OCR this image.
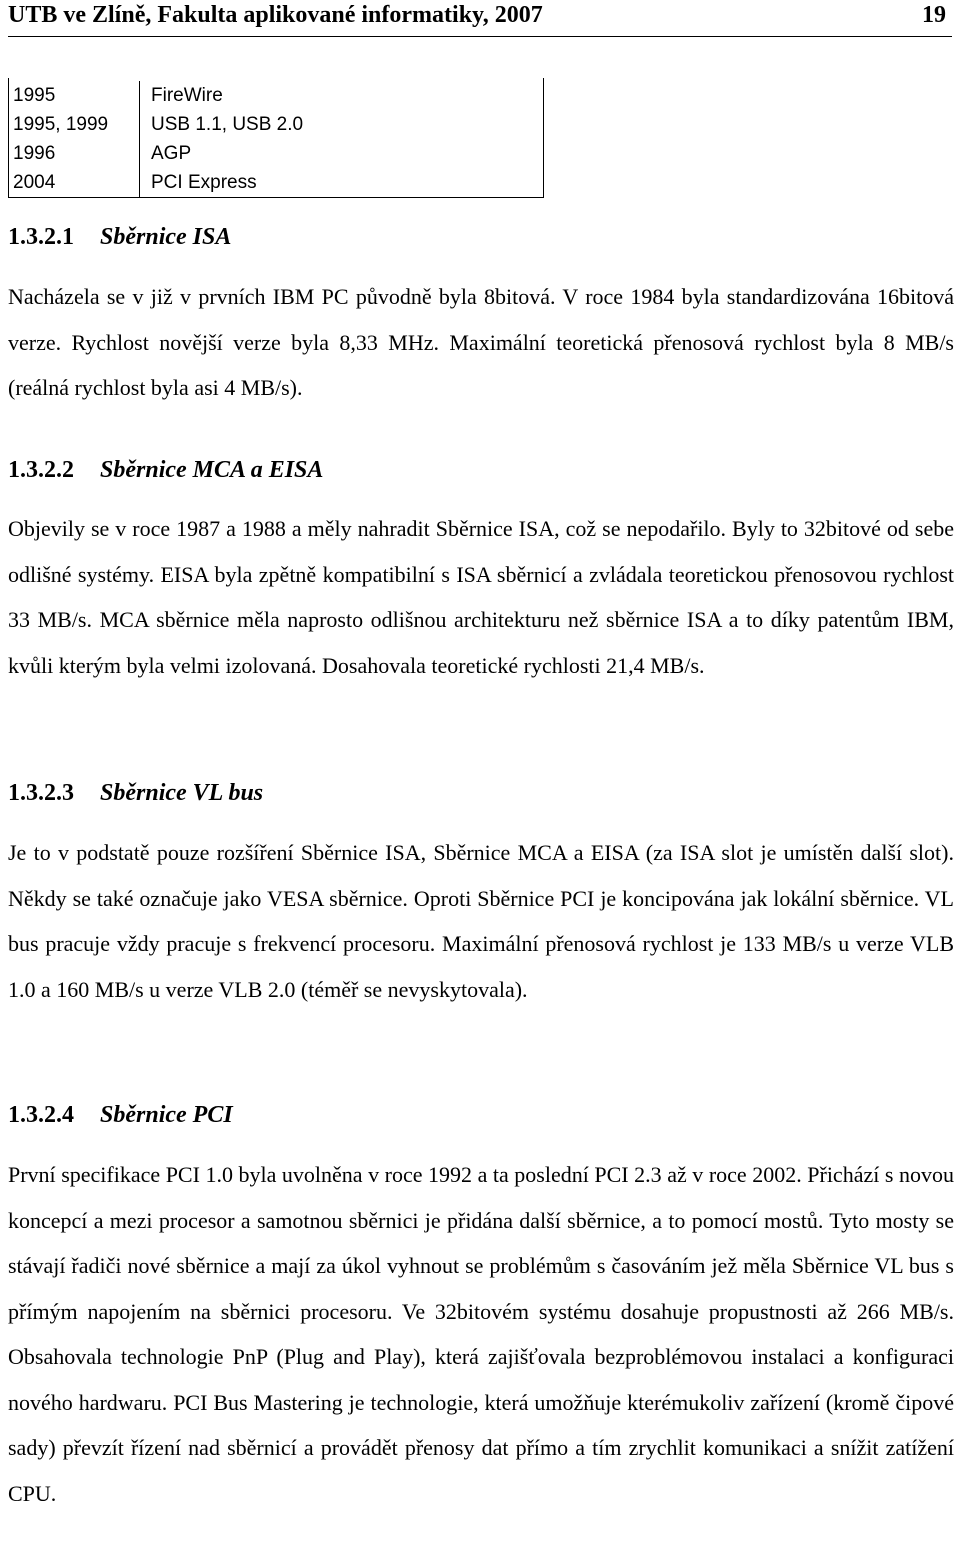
UTB ve Zlíně, Fakulta aplikované informatiky, 2007	19
1995	FireWire
1995, 1999	USB 1.1, USB 2.0
1996	AGP
2004	PCI Express
1.3.2.1 Sběrnice ISA
Nacházela se v již v prvních IBM PC původně byla 8bitová. V roce 1984 byla standardizována 16bitová verze. Rychlost novější verze byla 8,33 MHz. Maximální teoretická přenosová rychlost byla 8 MB/s (reálná rychlost byla asi 4 MB/s).
1.3.2.2 Sběrnice MCA a EISA
Objevily se v roce 1987 a 1988 a měly nahradit Sběrnice ISA, což se nepodařilo. Byly to 32bitové od sebe odlišné systémy. EISA byla zpětně kompatibilní s ISA sběrnicí a zvládala teoretickou přenosovou rychlost 33 MB/s. MCA sběrnice měla naprosto odlišnou architekturu než sběrnice ISA a to díky patentům IBM, kvůli kterým byla velmi izolovaná. Dosahovala teoretické rychlosti 21,4 MB/s.
1.3.2.3 Sběrnice VL bus
Je to v podstatě pouze rozšíření Sběrnice ISA, Sběrnice MCA a EISA (za ISA slot je umístěn další slot). Někdy se také označuje jako VESA sběrnice. Oproti Sběrnice PCI je koncipována jak lokální sběrnice. VL bus pracuje vždy pracuje s frekvencí procesoru. Maximální přenosová rychlost je 133 MB/s u verze VLB 1.0 a 160 MB/s u verze VLB 2.0 (téměř se nevyskytovala).
1.3.2.4 Sběrnice PCI
První specifikace PCI 1.0 byla uvolněna v roce 1992 a ta poslední PCI 2.3 až v roce 2002. Přichází s novou koncepcí a mezi procesor a samotnou sběrnici je přidána další sběrnice, a to pomocí mostů. Tyto mosty se stávají řadiči nové sběrnice a mají za úkol vyhnout se problémům s časováním jež měla Sběrnice VL bus s přímým napojením na sběrnici procesoru. Ve 32bitovém systému dosahuje propustnosti až 266 MB/s. Obsahovala technologie PnP (Plug and Play), která zajišťovala bezproblémovou instalaci a konfiguraci nového hardwaru. PCI Bus Mastering je technologie, která umožňuje kterémukoliv zařízení (kromě čipové sady) převzít řízení nad sběrnicí a provádět přenosy dat přímo a tím zrychlit komunikaci a snížit zatížení CPU.
